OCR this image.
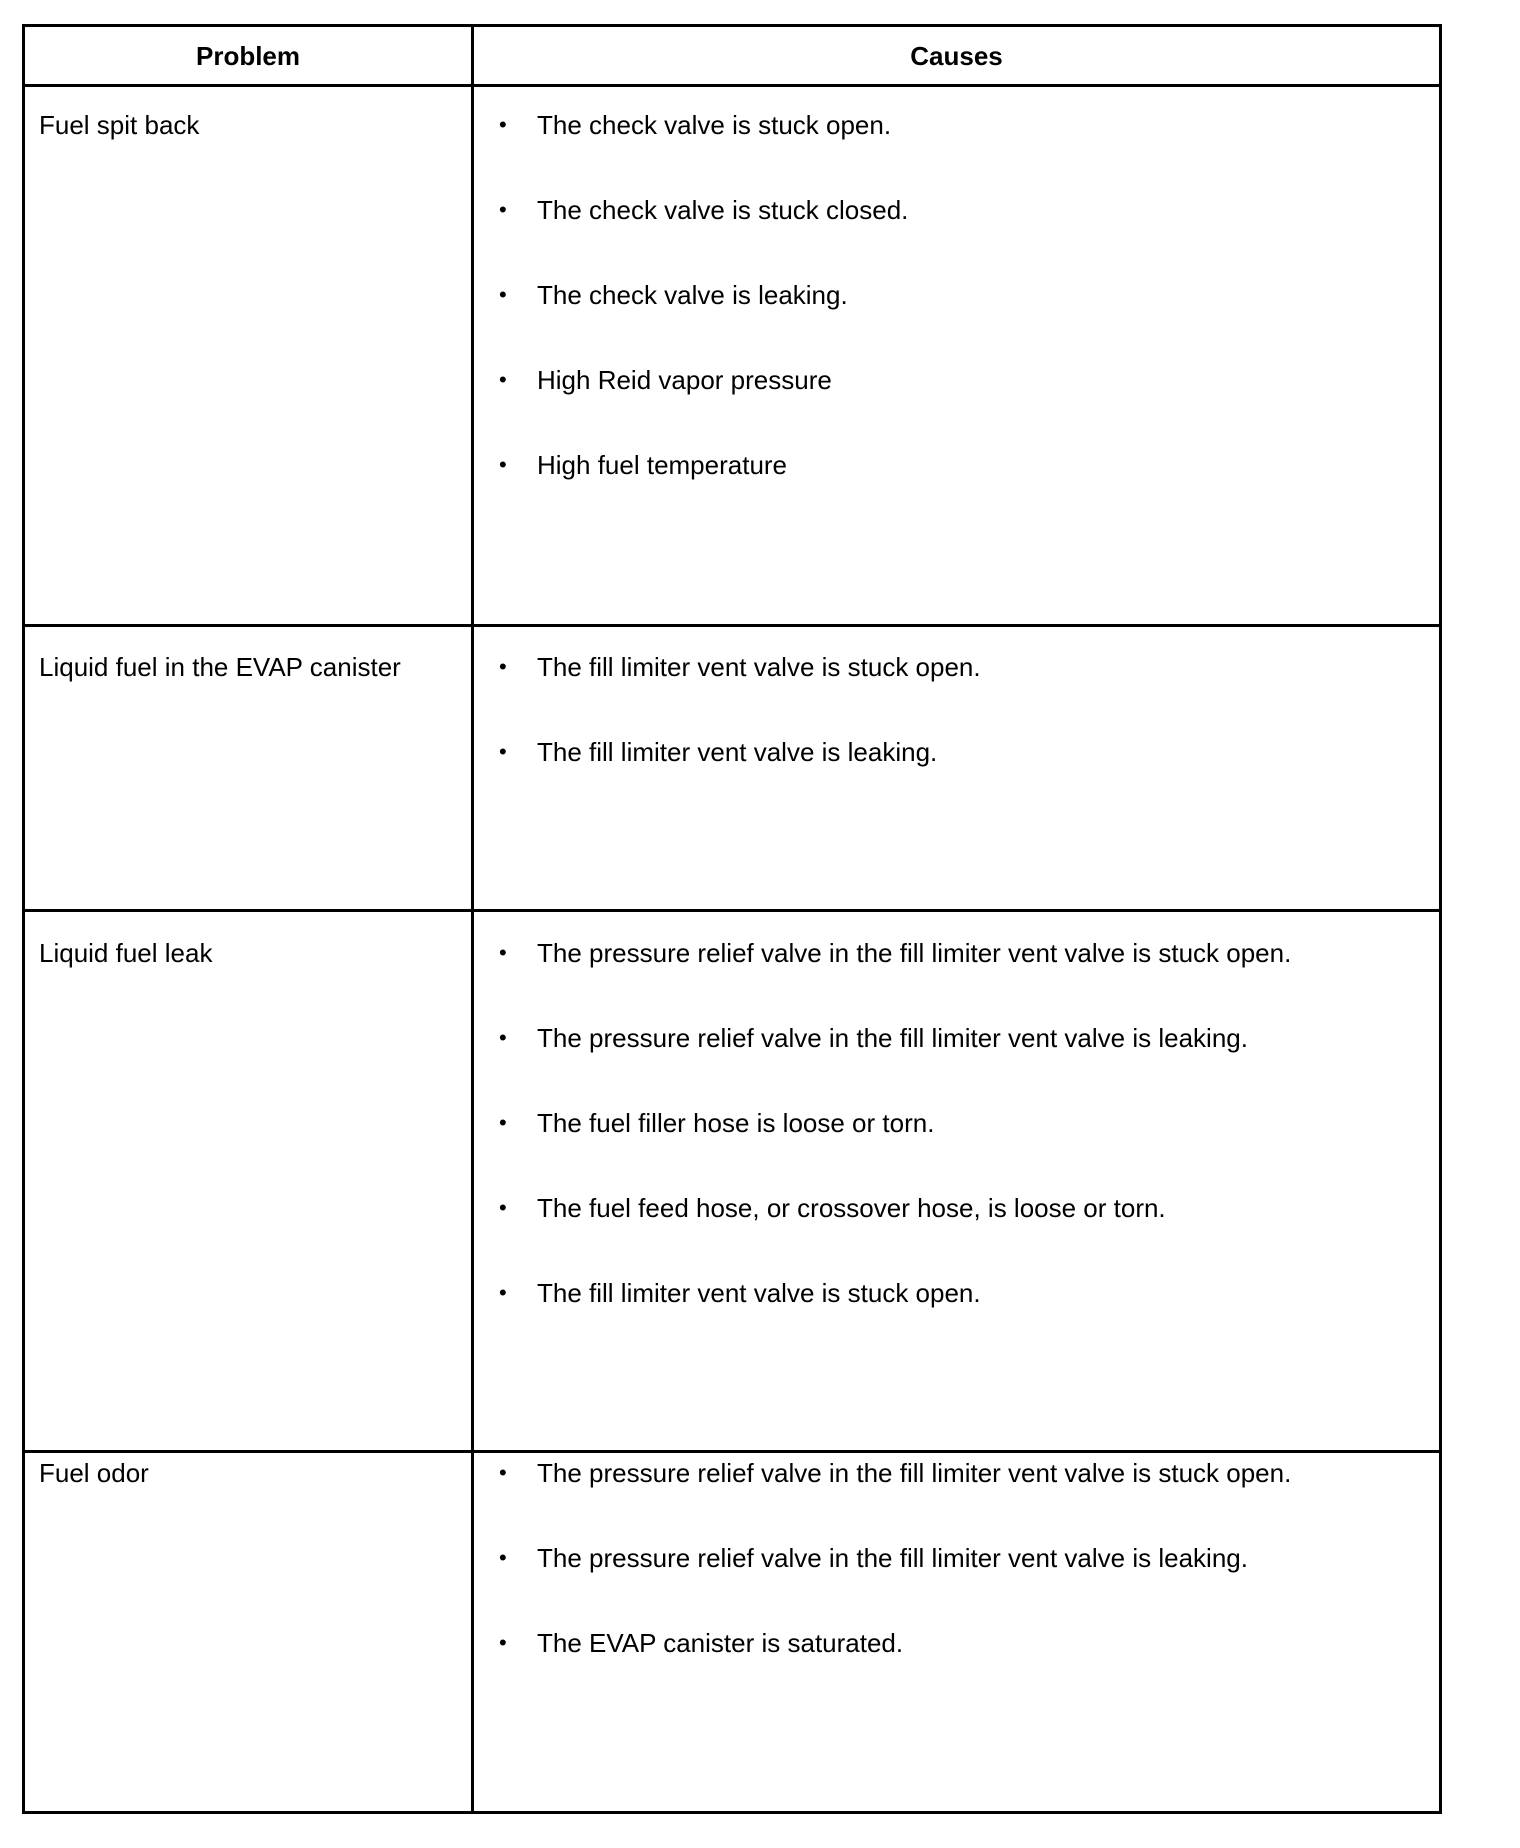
Problem	Causes
Fuel spit back	• The check valve is stuck open.
• The check valve is stuck closed.
• The check valve is leaking.
• High Reid vapor pressure
• High fuel temperature
Liquid fuel in the EVAP canister	• The fill limiter vent valve is stuck open.
• The fill limiter vent valve is leaking.
Liquid fuel leak	• The pressure relief valve in the fill limiter vent valve is stuck open.
• The pressure relief valve in the fill limiter vent valve is leaking.
• The fuel filler hose is loose or torn.
• The fuel feed hose, or crossover hose, is loose or torn.
• The fill limiter vent valve is stuck open.
Fuel odor	• The pressure relief valve in the fill limiter vent valve is stuck open.
• The pressure relief valve in the fill limiter vent valve is leaking.
• The EVAP canister is saturated.
